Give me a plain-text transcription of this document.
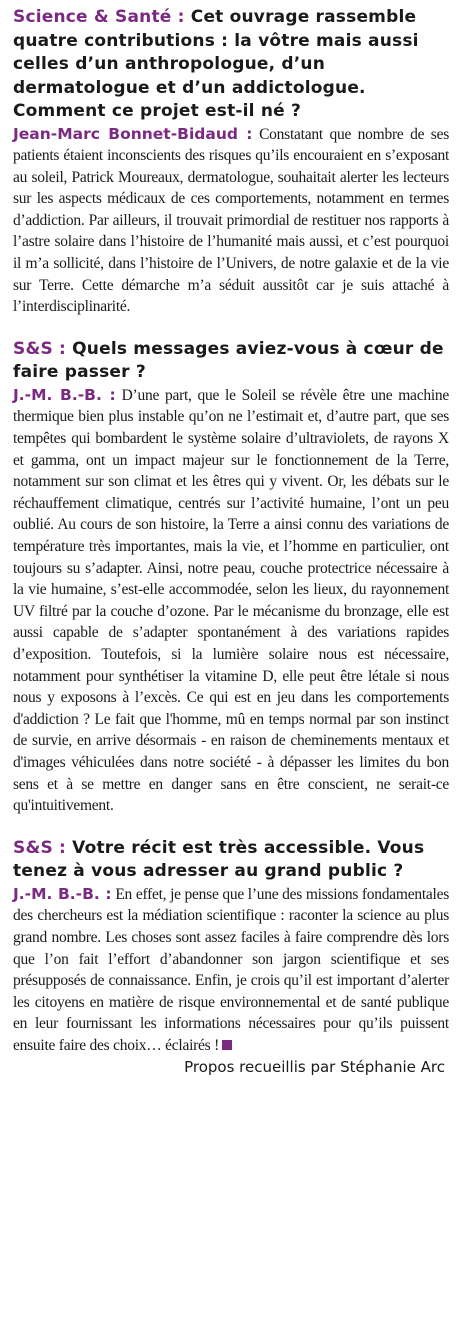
Science & Santé : Cet ouvrage rassemble quatre contributions : la vôtre mais aussi celles d’un anthropologue, d’un dermatologue et d’un addictologue. Comment ce projet est-il né ?

Jean-Marc Bonnet-Bidaud : Constatant que nombre de ses patients étaient inconscients des risques qu’ils encouraient en s’exposant au soleil, Patrick Moureaux, dermatologue, souhaitait alerter les lecteurs sur les aspects médicaux de ces comportements, notamment en termes d’addiction. Par ailleurs, il trouvait primordial de restituer nos rapports à l’astre solaire dans l’histoire de l’humanité mais aussi, et c’est pourquoi il m’a sollicité, dans l’histoire de l’Univers, de notre galaxie et de la vie sur Terre. Cette démarche m’a séduit aussitôt car je suis attaché à l’interdisciplinarité.

S&S : Quels messages aviez-vous à cœur de faire passer ?

J.-M. B.-B. : D’une part, que le Soleil se révèle être une machine thermique bien plus instable qu’on ne l’estimait et, d’autre part, que ses tempêtes qui bombardent le système solaire d’ultraviolets, de rayons X et gamma, ont un impact majeur sur le fonctionnement de la Terre, notamment sur son climat et les êtres qui y vivent. Or, les débats sur le réchauffement climatique, centrés sur l’activité humaine, l’ont un peu oublié. Au cours de son histoire, la Terre a ainsi connu des variations de température très importantes, mais la vie, et l’homme en particulier, ont toujours su s’adapter. Ainsi, notre peau, couche protectrice nécessaire à la vie humaine, s’est-elle accommodée, selon les lieux, du rayonnement UV filtré par la couche d’ozone. Par le mécanisme du bronzage, elle est aussi capable de s’adapter spontanément à des variations rapides d’exposition. Toutefois, si la lumière solaire nous est nécessaire, notamment pour synthétiser la vitamine D, elle peut être létale si nous nous y exposons à l’excès. Ce qui est en jeu dans les comportements d'addiction ? Le fait que l'homme, mû en temps normal par son instinct de survie, en arrive désormais - en raison de cheminements mentaux et d'images véhiculées dans notre société - à dépasser les limites du bon sens et à se mettre en danger sans en être conscient, ne serait-ce qu'intuitivement.

S&S : Votre récit est très accessible. Vous tenez à vous adresser au grand public ?

J.-M. B.-B. : En effet, je pense que l’une des missions fondamentales des chercheurs est la médiation scientifique : raconter la science au plus grand nombre. Les choses sont assez faciles à faire comprendre dès lors que l’on fait l’effort d’abandonner son jargon scientifique et ses présupposés de connaissance. Enfin, je crois qu’il est important d’alerter les citoyens en matière de risque environnemental et de santé publique en leur fournissant les informations nécessaires pour qu’ils puissent ensuite faire des choix… éclairés !

Propos recueillis par Stéphanie Arc
